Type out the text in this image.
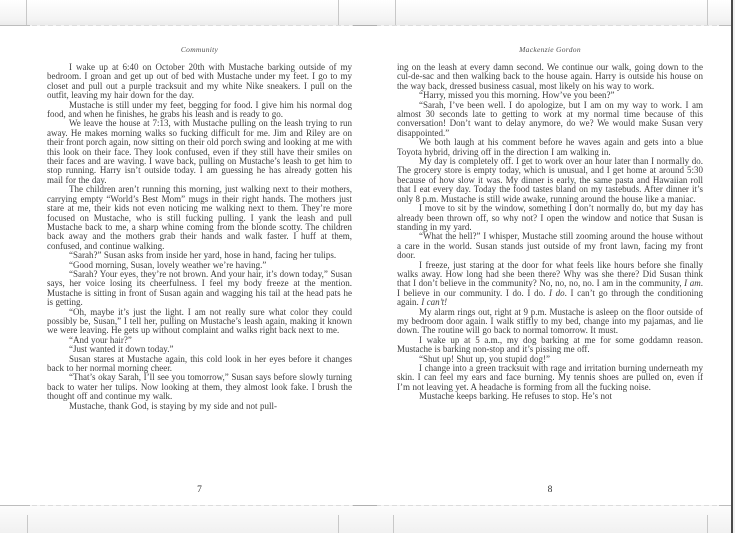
Community

I wake up at 6:40 on October 20th with Mustache barking outside of my bedroom. I groan and get up out of bed with Mustache under my feet. I go to my closet and pull out a purple tracksuit and my white Nike sneakers. I pull on the outfit, leaving my hair down for the day.

Mustache is still under my feet, begging for food. I give him his normal dog food, and when he finishes, he grabs his leash and is ready to go.

We leave the house at 7:13, with Mustache pulling on the leash trying to run away. He makes morning walks so fucking difficult for me. Jim and Riley are on their front porch again, now sitting on their old porch swing and looking at me with this look on their face. They look confused, even if they still have their smiles on their faces and are waving. I wave back, pulling on Mustache’s leash to get him to stop running. Harry isn’t outside today. I am guessing he has already gotten his mail for the day.

The children aren’t running this morning, just walking next to their mothers, carrying empty “World’s Best Mom” mugs in their right hands. The mothers just stare at me, their kids not even noticing me walking next to them. They’re more focused on Mustache, who is still fucking pulling. I yank the leash and pull Mustache back to me, a sharp whine coming from the blonde scotty. The children back away and the mothers grab their hands and walk faster. I huff at them, confused, and continue walking.

“Sarah?” Susan asks from inside her yard, hose in hand, facing her tulips.

“Good morning, Susan, lovely weather we’re having.”

“Sarah? Your eyes, they’re not brown. And your hair, it’s down today,” Susan says, her voice losing its cheerfulness. I feel my body freeze at the mention. Mustache is sitting in front of Susan again and wagging his tail at the head pats he is getting.

“Oh, maybe it’s just the light. I am not really sure what color they could possibly be, Susan,” I tell her, pulling on Mustache’s leash again, making it known we were leaving. He gets up without complaint and walks right back next to me.

“And your hair?”

“Just wanted it down today.”

Susan stares at Mustache again, this cold look in her eyes before it changes back to her normal morning cheer.

“That’s okay Sarah, I’ll see you tomorrow,” Susan says before slowly turning back to water her tulips. Now looking at them, they almost look fake. I brush the thought off and continue my walk.

Mustache, thank God, is staying by my side and not pull-

7
Mackenzie Gordon

ing on the leash at every damn second. We continue our walk, going down to the cul-de-sac and then walking back to the house again. Harry is outside his house on the way back, dressed business casual, most likely on his way to work.

“Harry, missed you this morning. How’ve you been?”

“Sarah, I’ve been well. I do apologize, but I am on my way to work. I am almost 30 seconds late to getting to work at my normal time because of this conversation! Don’t want to delay anymore, do we? We would make Susan very disappointed.”

We both laugh at his comment before he waves again and gets into a blue Toyota hybrid, driving off in the direction I am walking in.

My day is completely off. I get to work over an hour later than I normally do. The grocery store is empty today, which is unusual, and I get home at around 5:30 because of how slow it was. My dinner is early, the same pasta and Hawaiian roll that I eat every day. Today the food tastes bland on my tastebuds. After dinner it’s only 8 p.m. Mustache is still wide awake, running around the house like a maniac.

I move to sit by the window, something I don’t normally do, but my day has already been thrown off, so why not? I open the window and notice that Susan is standing in my yard.

“What the hell?” I whisper, Mustache still zooming around the house without a care in the world. Susan stands just outside of my front lawn, facing my front door.

I freeze, just staring at the door for what feels like hours before she finally walks away. How long had she been there? Why was she there? Did Susan think that I don’t believe in the community? No, no, no, no. I am in the community, I am. I believe in our community. I do. I do. I do. I can’t go through the conditioning again. I can’t!

My alarm rings out, right at 9 p.m. Mustache is asleep on the floor outside of my bedroom door again. I walk stiffly to my bed, change into my pajamas, and lie down. The routine will go back to normal tomorrow. It must.

I wake up at 5 a.m., my dog barking at me for some goddamn reason. Mustache is barking non-stop and it’s pissing me off.

“Shut up! Shut up, you stupid dog!”

I change into a green tracksuit with rage and irritation burning underneath my skin. I can feel my ears and face burning. My tennis shoes are pulled on, even if I’m not leaving yet. A headache is forming from all the fucking noise.

Mustache keeps barking. He refuses to stop. He’s not

8
